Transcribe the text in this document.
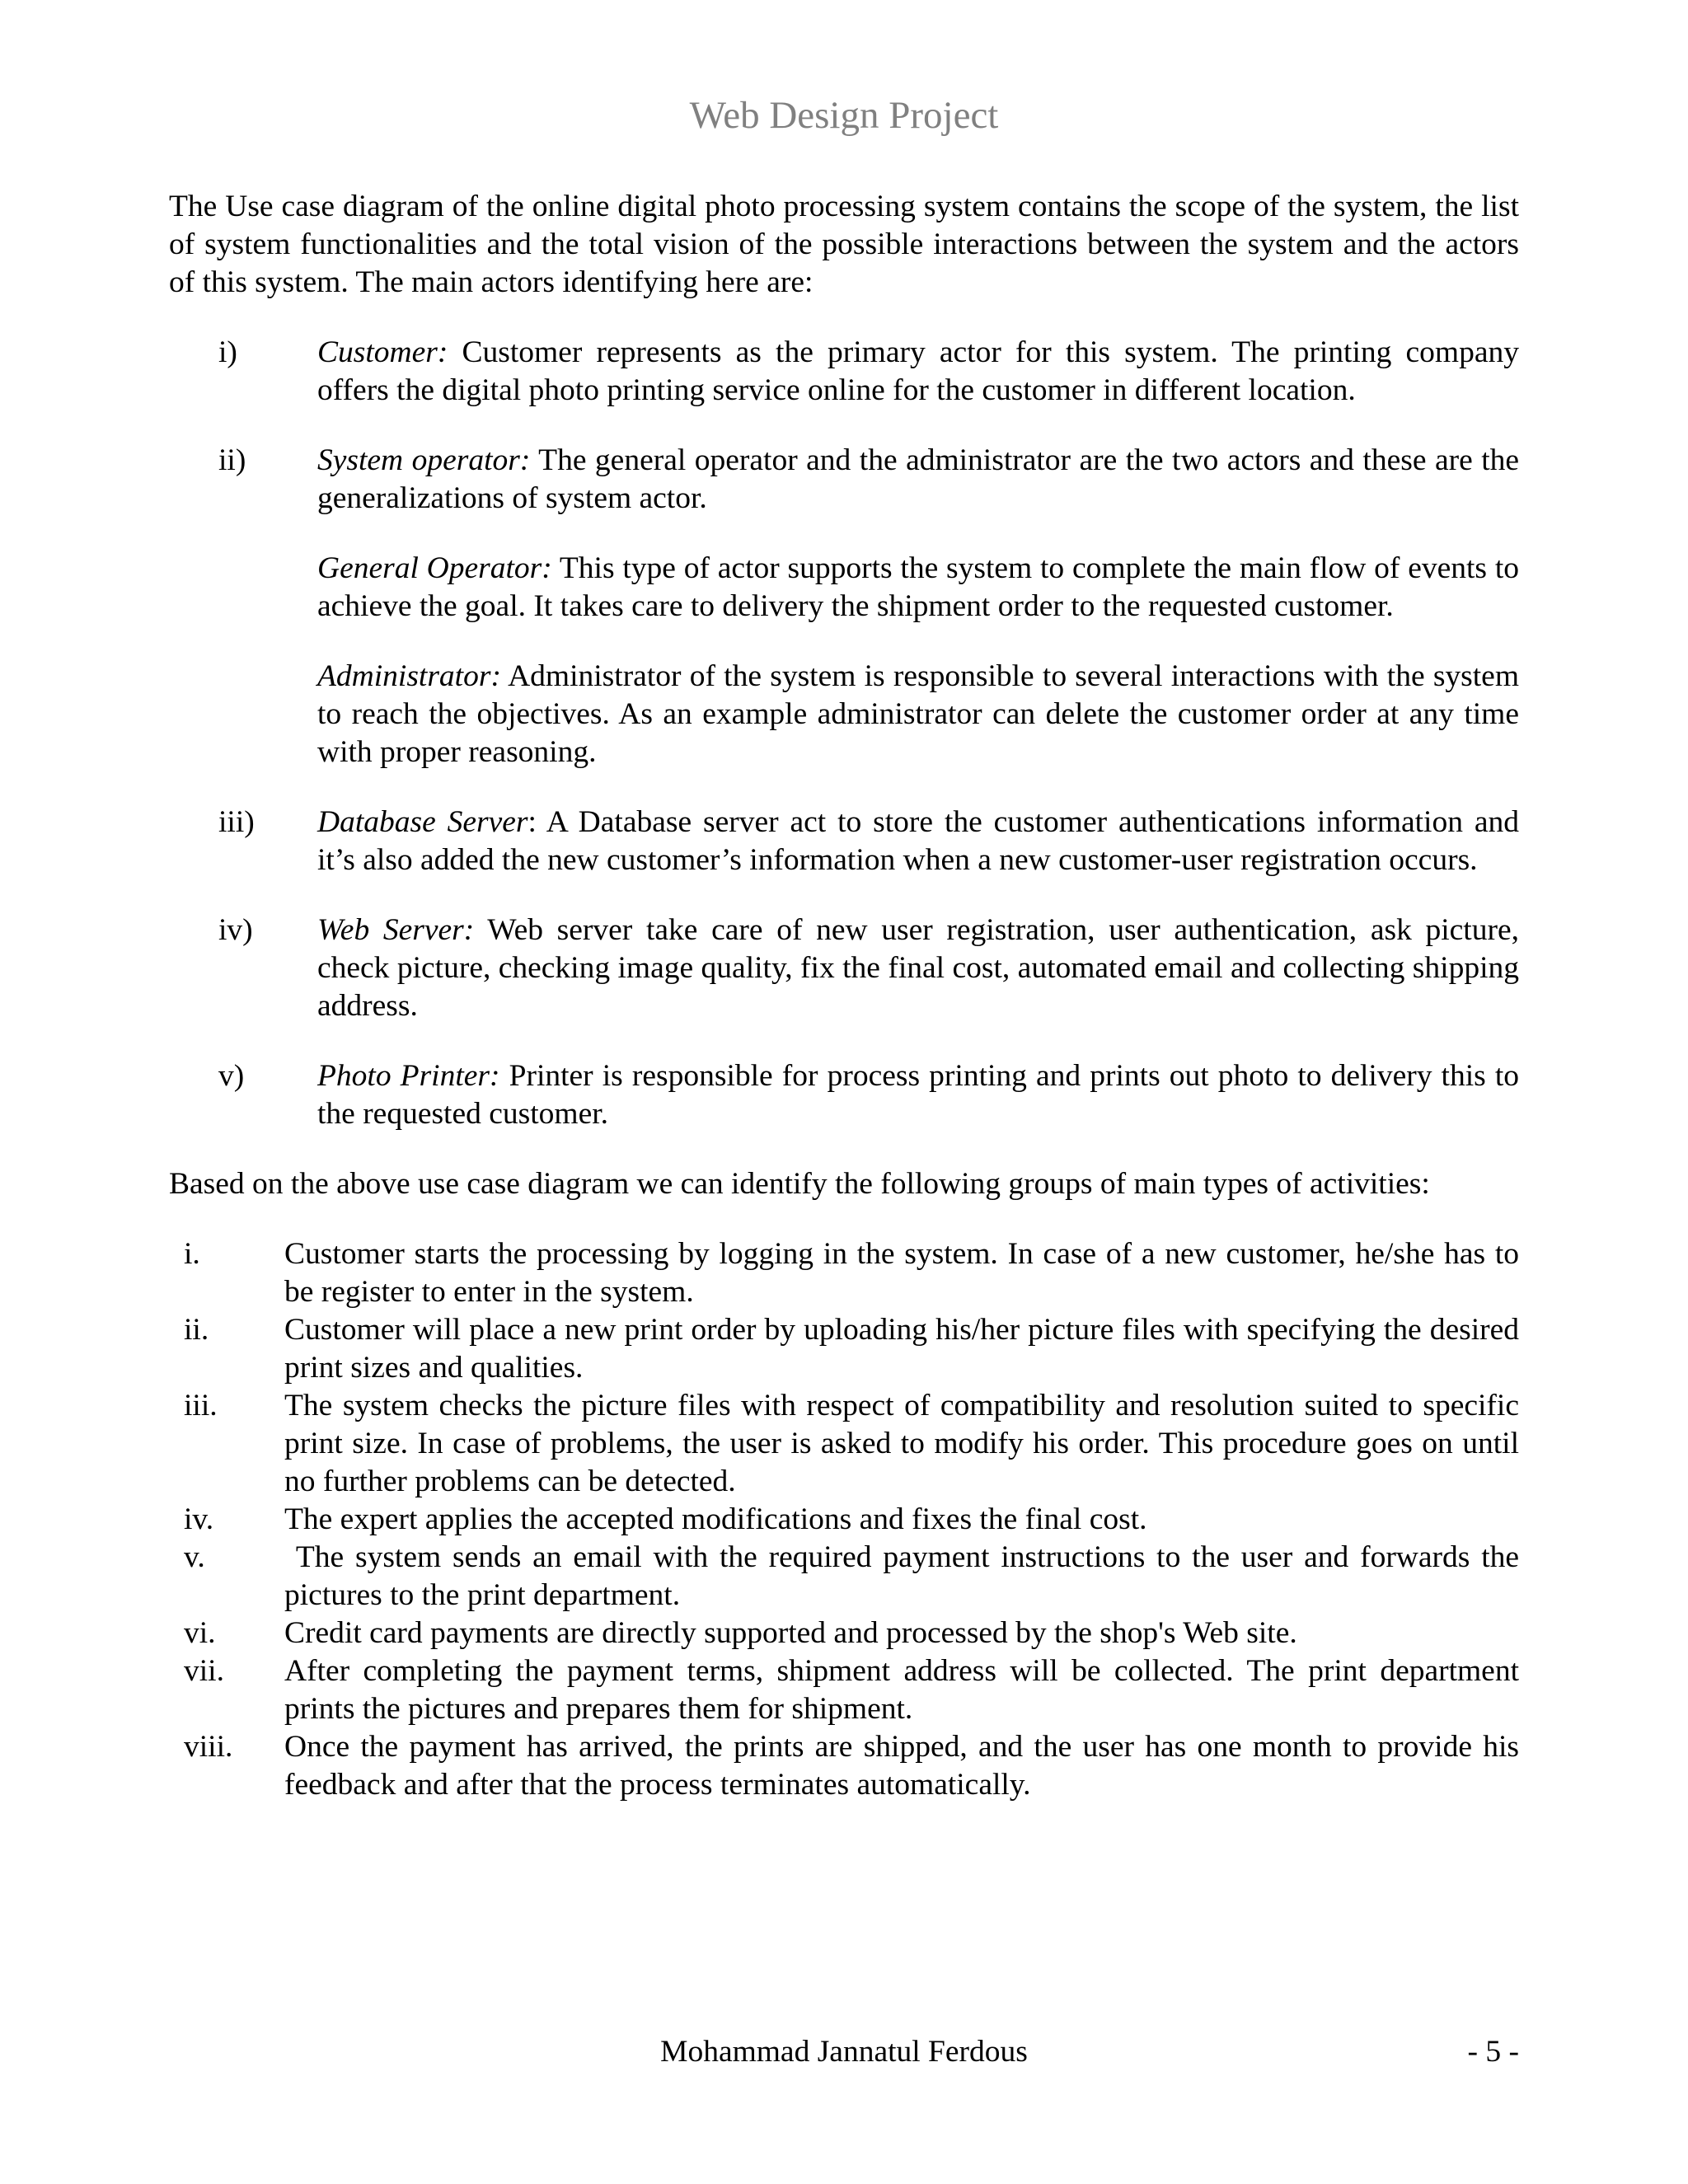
Web Design Project

The Use case diagram of the online digital photo processing system contains the scope of the system, the list of system functionalities and the total vision of the possible interactions between the system and the actors of this system. The main actors identifying here are:

i)	Customer: Customer represents as the primary actor for this system. The printing company offers the digital photo printing service online for the customer in different location.

ii)	System operator: The general operator and the administrator are the two actors and these are the generalizations of system actor.

General Operator: This type of actor supports the system to complete the main flow of events to achieve the goal. It takes care to delivery the shipment order to the requested customer.

Administrator: Administrator of the system is responsible to several interactions with the system to reach the objectives. As an example administrator can delete the customer order at any time with proper reasoning.

iii)	Database Server: A Database server act to store the customer authentications information and it’s also added the new customer’s information when a new customer-user registration occurs.

iv)	Web Server: Web server take care of new user registration, user authentication, ask picture, check picture, checking image quality, fix the final cost, automated email and collecting shipping address.

v)	Photo Printer: Printer is responsible for process printing and prints out photo to delivery this to the requested customer.

Based on the above use case diagram we can identify the following groups of main types of activities:

i.	Customer starts the processing by logging in the system. In case of a new customer, he/she has to be register to enter in the system.

ii.	Customer will place a new print order by uploading his/her picture files with specifying the desired print sizes and qualities.

iii.	The system checks the picture files with respect of compatibility and resolution suited to specific print size. In case of problems, the user is asked to modify his order. This procedure goes on until no further problems can be detected.

iv.	The expert applies the accepted modifications and fixes the final cost.

v.	The system sends an email with the required payment instructions to the user and forwards the pictures to the print department.

vi.	Credit card payments are directly supported and processed by the shop's Web site.

vii.	After completing the payment terms, shipment address will be collected. The print department prints the pictures and prepares them for shipment.

viii.	Once the payment has arrived, the prints are shipped, and the user has one month to provide his feedback and after that the process terminates automatically.

Mohammad Jannatul Ferdous	- 5 -
